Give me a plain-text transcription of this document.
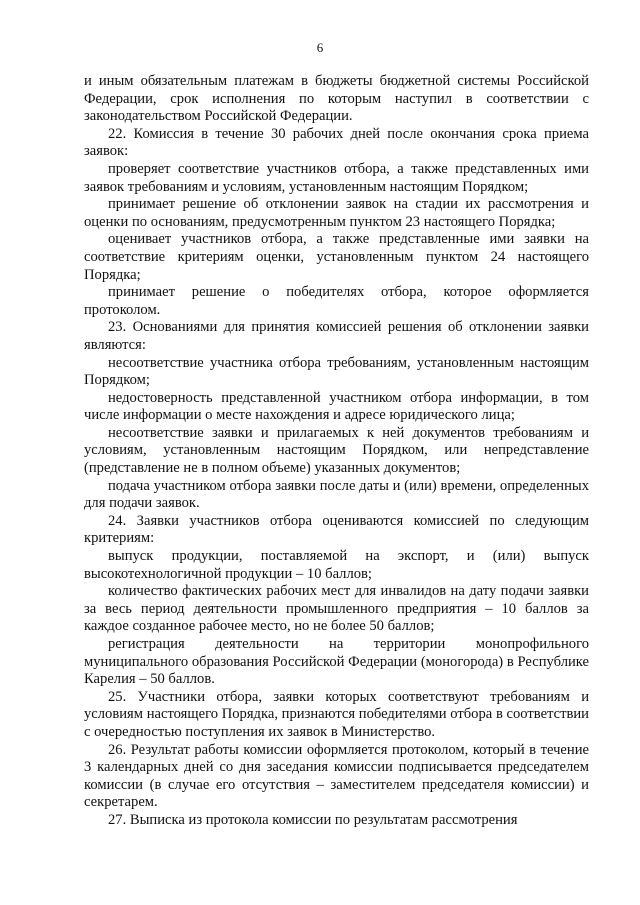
6

и иным обязательным платежам в бюджеты бюджетной системы Российской Федерации, срок исполнения по которым наступил в соответствии с законодательством Российской Федерации.

22. Комиссия в течение 30 рабочих дней после окончания срока приема заявок:

проверяет соответствие участников отбора, а также представленных ими заявок требованиям и условиям, установленным настоящим Порядком;

принимает решение об отклонении заявок на стадии их рассмотрения и оценки по основаниям, предусмотренным пунктом 23 настоящего Порядка;

оценивает участников отбора, а также представленные ими заявки на соответствие критериям оценки, установленным пунктом 24 настоящего Порядка;

принимает решение о победителях отбора, которое оформляется протоколом.

23. Основаниями для принятия комиссией решения об отклонении заявки являются:

несоответствие участника отбора требованиям, установленным настоящим Порядком;

недостоверность представленной участником отбора информации, в том числе информации о месте нахождения и адресе юридического лица;

несоответствие заявки и прилагаемых к ней документов требованиям и условиям, установленным настоящим Порядком, или непредставление (представление не в полном объеме) указанных документов;

подача участником отбора заявки после даты и (или) времени, определенных для подачи заявок.

24. Заявки участников отбора оцениваются комиссией по следующим критериям:

выпуск продукции, поставляемой на экспорт, и (или) выпуск высокотехнологичной продукции – 10 баллов;

количество фактических рабочих мест для инвалидов на дату подачи заявки за весь период деятельности промышленного предприятия – 10 баллов за каждое созданное рабочее место, но не более 50 баллов;

регистрация деятельности на территории монопрофильного муниципального образования Российской Федерации (моногорода) в Республике Карелия – 50 баллов.

25. Участники отбора, заявки которых соответствуют требованиям и условиям настоящего Порядка, признаются победителями отбора в соответствии с очередностью поступления их заявок в Министерство.

26. Результат работы комиссии оформляется протоколом, который в течение 3 календарных дней со дня заседания комиссии подписывается председателем комиссии (в случае его отсутствия – заместителем председателя комиссии) и секретарем.

27. Выписка из протокола комиссии по результатам рассмотрения
